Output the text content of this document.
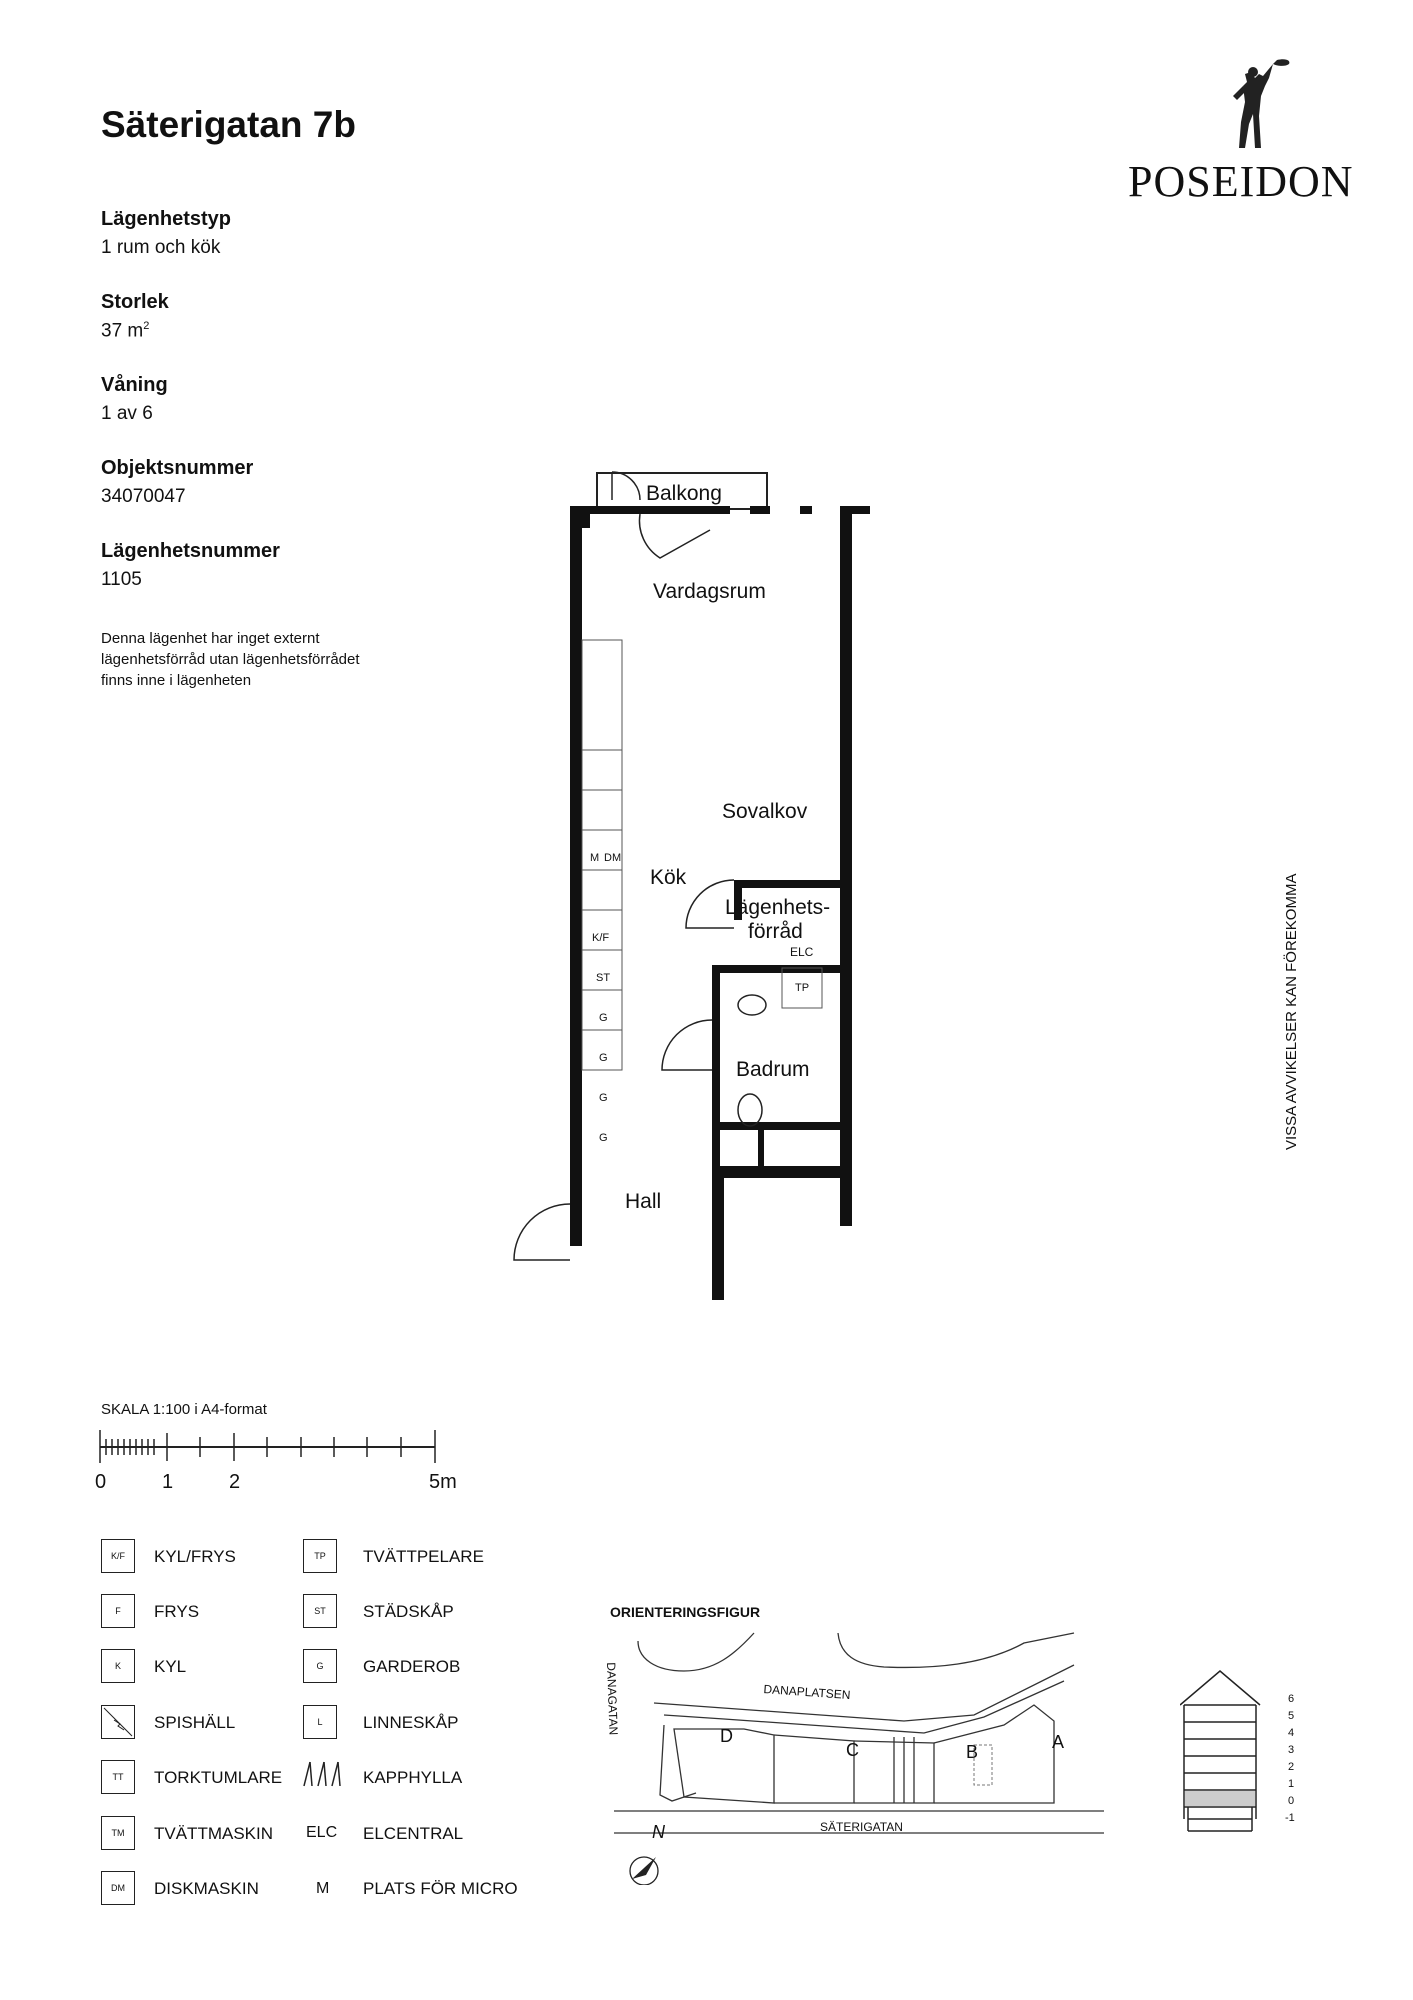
Säterigatan 7b
POSEIDON
Lägenhetstyp
1 rum och kök
Storlek
37 $m^2$
Våning
1 av 6
Objektsnummer
34070047
Lägenhetsnummer
1105
Denna lägenhet har inget externt
lägenhetsförråd utan lägenhetsförrådet
finns inne i lägenheten
VISSA AVVIKELSER KAN FÖREKOMMA
Vardagsrum
Balkong
Sovalkov
Kök
Lägenhets-
förråd
ELC
Badrum
TP
Hall
M DM
K/F
ST
G
G
G
G
SKALA 1:100 i A4-format
0	1	2	5m
K/F	KYL/FRYS
F	FRYS
K	KYL
SPISHÄLL
TT	TORKTUMLARE
TM	TVÄTTMASKIN
DM	DISKMASKIN
TP	TVÄTTPELARE
ST	STÄDSKÅP
G	GARDEROB
L	LINNESKÅP
KAPPHYLLA
ELC ELCENTRAL
M PLATS FÖR MICRO
ORIENTERINGSFIGUR
DANAPLATSEN
DANAGATAN
SÄTERIGATAN
D
C	B	A
N
6
5
4
3
2
1
0
-1
